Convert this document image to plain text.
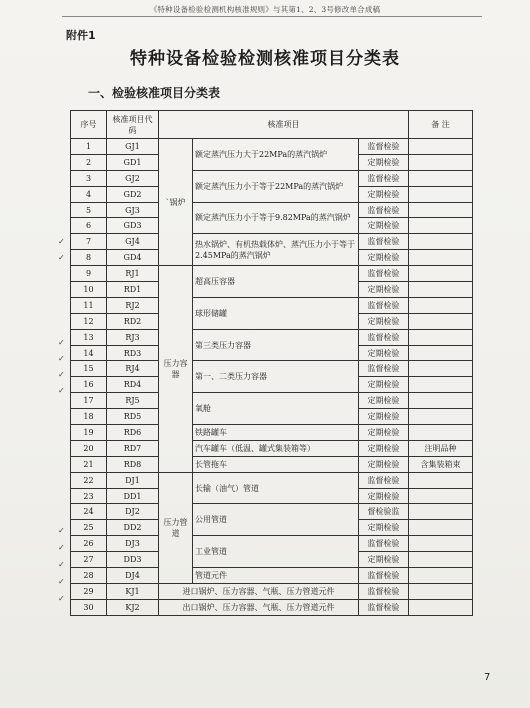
《特种设备检验检测机构核准规则》与其第1、2、3号修改单合成稿
附件1
特种设备检验检测核准项目分类表
一、检验核准项目分类表
序号	核准项目代码	核准项目			备 注
1	GJ1	`锅炉	额定蒸汽压力大于22MPa的蒸汽锅炉	监督检验	
2	GD1			定期检验	
3	GJ2		额定蒸汽压力小于等于22MPa的蒸汽锅炉	监督检验	
4	GD2			定期检验	
5	GJ3		额定蒸汽压力小于等于9.82MPa的蒸汽锅炉	监督检验	
6	GD3			定期检验	
7	GJ4		热水锅炉、有机热载体炉、蒸汽压力小于等于2.45MPa的蒸汽锅炉	监督检验	
8	GD4			定期检验	
9	RJ1	压力容器	超高压容器	监督检验	
10	RD1			定期检验	
11	RJ2		球形储罐	监督检验	
12	RD2			定期检验	
13	RJ3		第三类压力容器	监督检验	
14	RD3			定期检验	
15	RJ4		第一、二类压力容器	监督检验	
16	RD4			定期检验	
17	RJ5		氧舱	定期检验	
18	RD5			定期检验	
19	RD6		铁路罐车	定期检验	
20	RD7		汽车罐车（低温、罐式集装箱等）	定期检验	注明品种
21	RD8		长管拖车	定期检验	含集装箱束
22	DJ1	压力管道	长输（油气）管道	监督检验	
23	DD1			定期检验	
24	DJ2		公用管道	督检验监	
25	DD2			定期检验	
26	DJ3		工业管道	监督检验	
27	DD3			定期检验	
28	DJ4		管道元件	监督检验	
29	KJ1	进口锅炉、压力容器、气瓶、压力管道元件		监督检验	
30	KJ2	出口锅炉、压力容器、气瓶、压力管道元件		监督检验	
✓
✓
✓
✓
✓
✓
✓
✓
✓
✓
✓
7
